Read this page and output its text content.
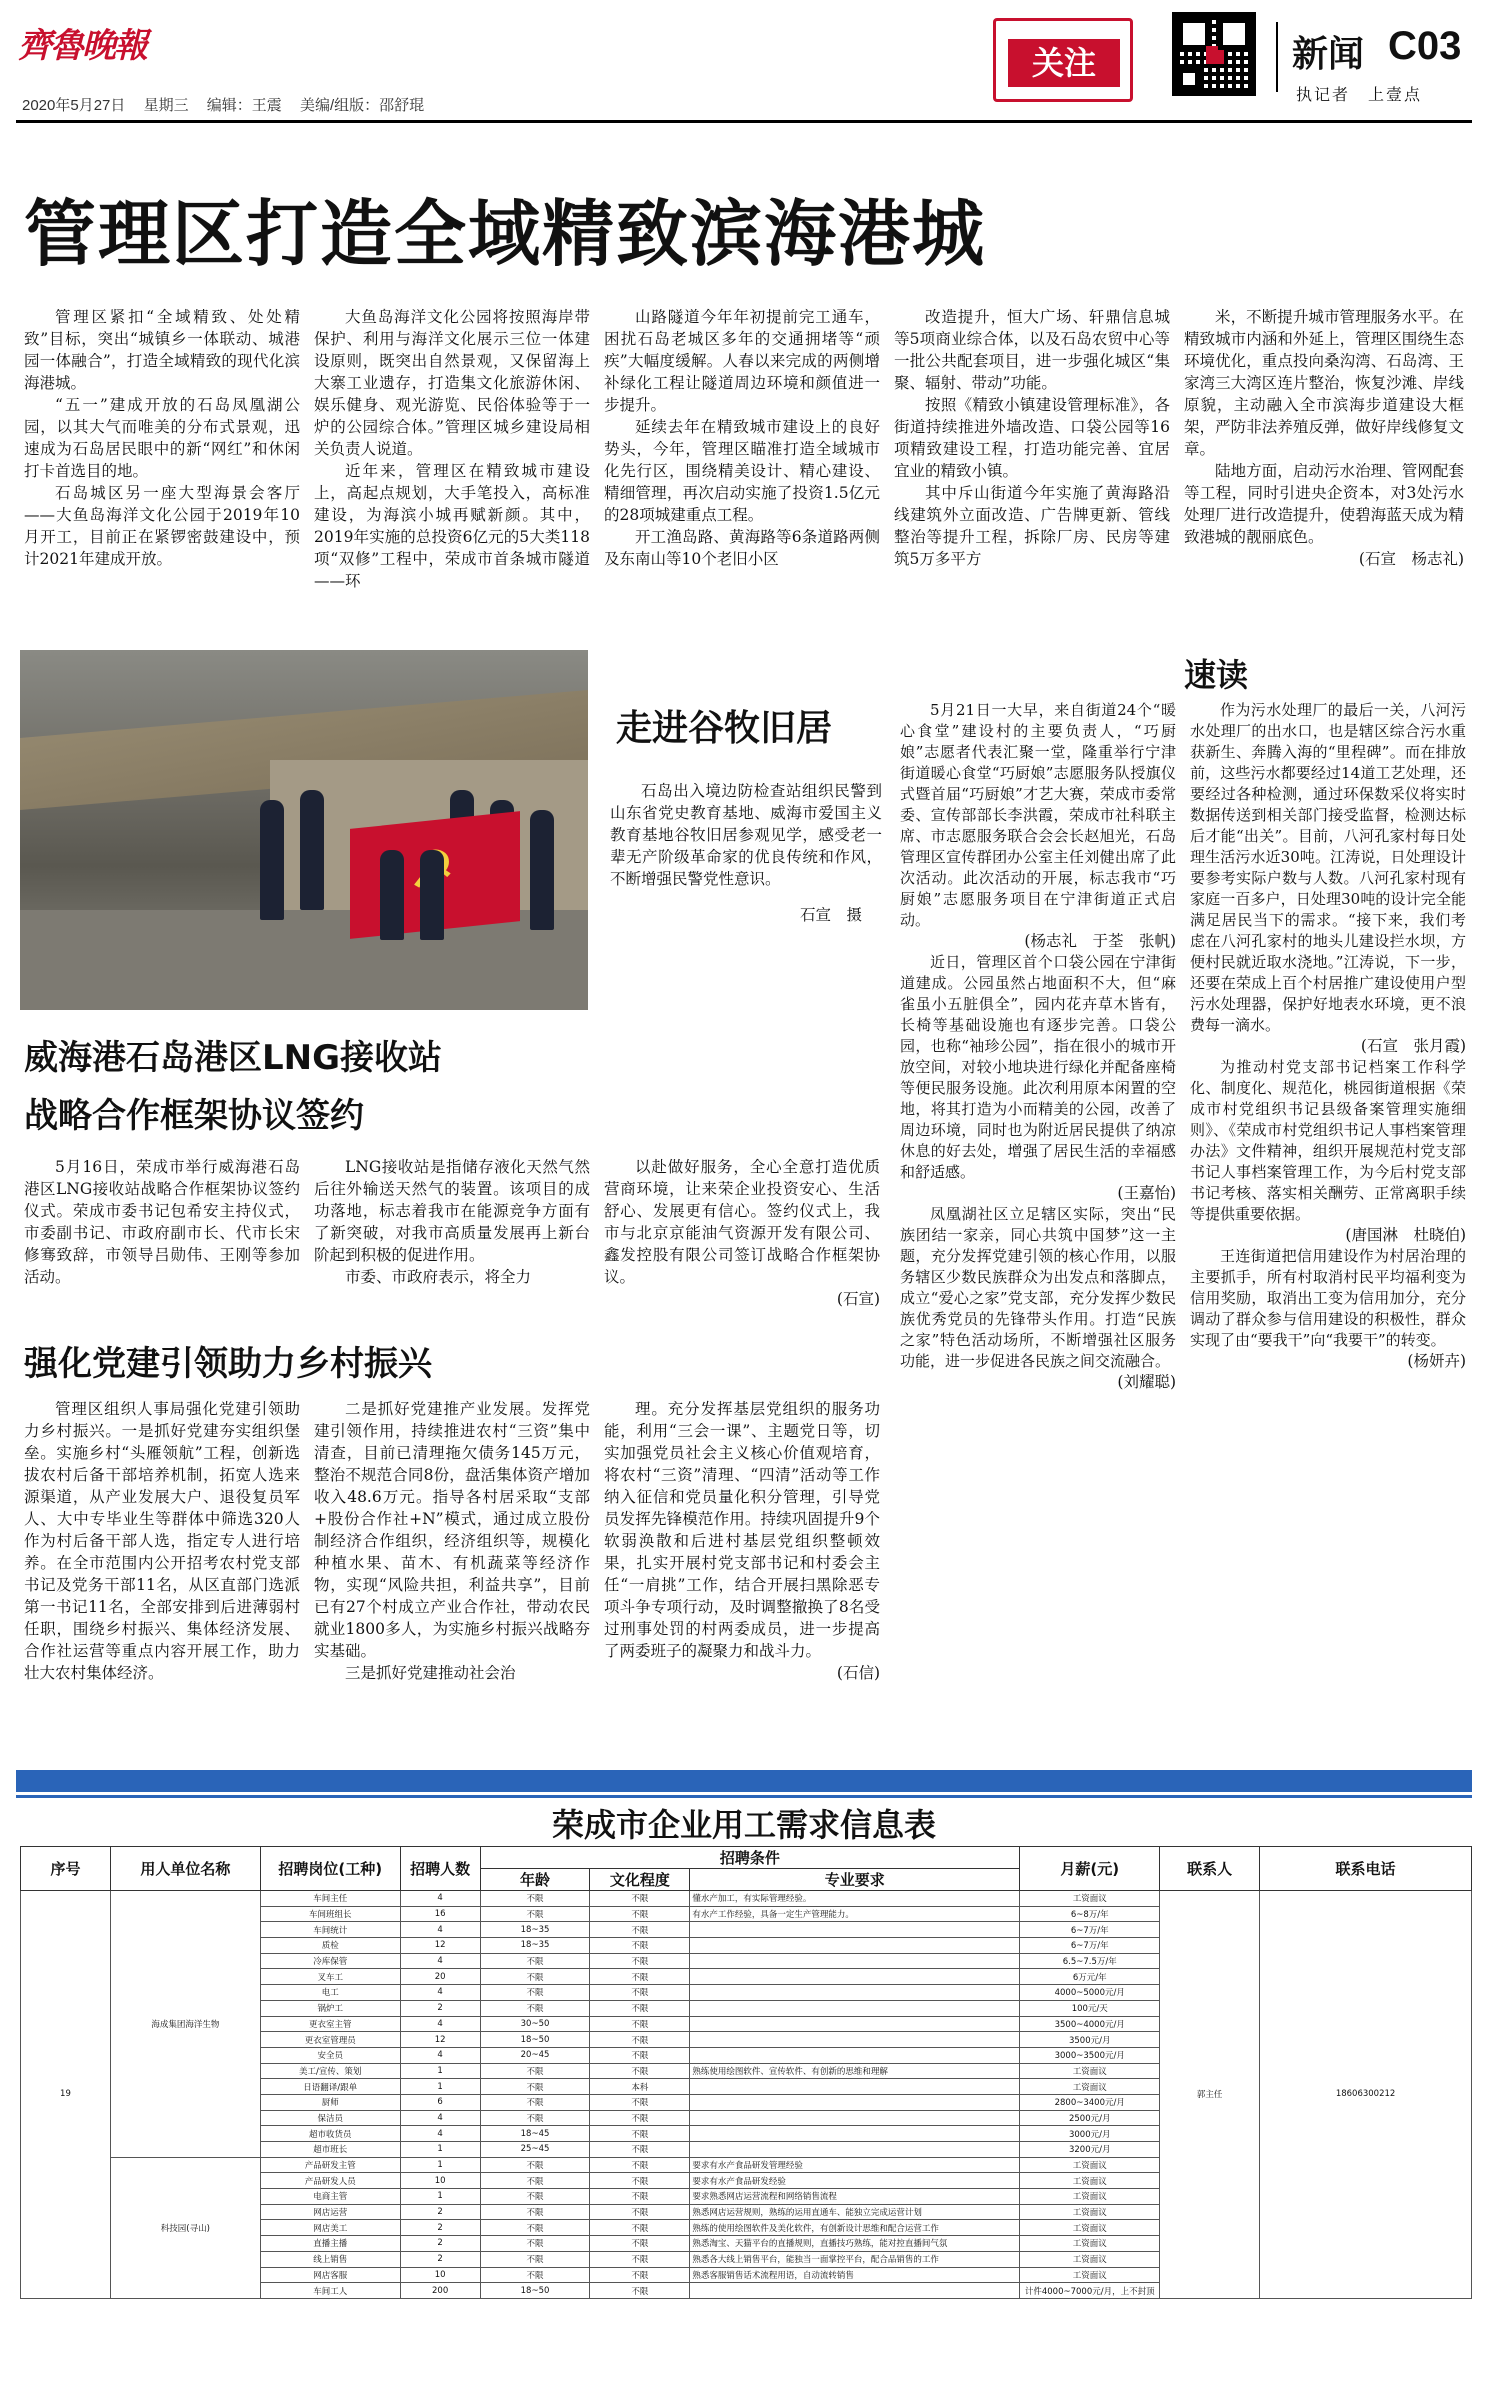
齊魯晚報
2020年5月27日 星期三 编辑：王震 美编/组版：邵舒琨
关注	新闻 C03
执记者　上壹点
管理区打造全域精致滨海港城

管理区紧扣“全域精致、处处精致”目标，突出“城镇乡一体联动、城港园一体融合”，打造全域精致的现代化滨海港城。

“五一”建成开放的石岛凤凰湖公园，以其大气而唯美的分布式景观，迅速成为石岛居民眼中的新“网红”和休闲打卡首选目的地。

石岛城区另一座大型海景会客厅——大鱼岛海洋文化公园于2019年10月开工，目前正在紧锣密鼓建设中，预计2021年建成开放。

大鱼岛海洋文化公园将按照海岸带保护、利用与海洋文化展示三位一体建设原则，既突出自然景观，又保留海上大寨工业遗存，打造集文化旅游休闲、娱乐健身、观光游览、民俗体验等于一炉的公园综合体。”管理区城乡建设局相关负责人说道。

近年来，管理区在精致城市建设上，高起点规划，大手笔投入，高标准建设，为海滨小城再赋新颜。其中，2019年实施的总投资6亿元的5大类118项“双修”工程中，荣成市首条城市隧道——环

山路隧道今年年初提前完工通车，困扰石岛老城区多年的交通拥堵等“顽疾”大幅度缓解。人春以来完成的两侧增补绿化工程让隧道周边环境和颜值进一步提升。

延续去年在精致城市建设上的良好势头，今年，管理区瞄准打造全域城市化先行区，围绕精美设计、精心建设、精细管理，再次启动实施了投资1.5亿元的28项城建重点工程。

开工渔岛路、黄海路等6条道路两侧及东南山等10个老旧小区

改造提升，恒大广场、轩鼎信息城等5项商业综合体，以及石岛农贸中心等一批公共配套项目，进一步强化城区“集聚、辐射、带动”功能。

按照《精致小镇建设管理标准》，各街道持续推进外墙改造、口袋公园等16项精致建设工程，打造功能完善、宜居宜业的精致小镇。

其中斥山街道今年实施了黄海路沿线建筑外立面改造、广告牌更新、管线整治等提升工程，拆除厂房、民房等建筑5万多平方

米，不断提升城市管理服务水平。在精致城市内涵和外延上，管理区围绕生态环境优化，重点投向桑沟湾、石岛湾、王家湾三大湾区连片整治，恢复沙滩、岸线原貌，主动融入全市滨海步道建设大框架，严防非法养殖反弹，做好岸线修复文章。

陆地方面，启动污水治理、管网配套等工程，同时引进央企资本，对3处污水处理厂进行改造提升，使碧海蓝天成为精致港城的靓丽底色。

(石宣　杨志礼)
☭
走进谷牧旧居

石岛出入境边防检查站组织民警到山东省党史教育基地、威海市爱国主义教育基地谷牧旧居参观见学，感受老一辈无产阶级革命家的优良传统和作风，不断增强民警党性意识。

石宣　摄
威海港石岛港区LNG接收站
战略合作框架协议签约

5月16日，荣成市举行威海港石岛港区LNG接收站战略合作框架协议签约仪式。荣成市委书记包希安主持仪式，市委副书记、市政府副市长、代市长宋修骞致辞，市领导吕勋伟、王刚等参加活动。

LNG接收站是指储存液化天然气然后往外输送天然气的装置。该项目的成功落地，标志着我市在能源竞争方面有了新突破，对我市高质量发展再上新台阶起到积极的促进作用。

市委、市政府表示，将全力

以赴做好服务，全心全意打造优质营商环境，让来荣企业投资安心、生活舒心、发展更有信心。签约仪式上，我市与北京京能油气资源开发有限公司、鑫发控股有限公司签订战略合作框架协议。

(石宣)
强化党建引领助力乡村振兴

管理区组织人事局强化党建引领助力乡村振兴。一是抓好党建夯实组织堡垒。实施乡村“头雁领航”工程，创新选拔农村后备干部培养机制，拓宽人选来源渠道，从产业发展大户、退役复员军人、大中专毕业生等群体中筛选320人作为村后备干部人选，指定专人进行培养。在全市范围内公开招考农村党支部书记及党务干部11名，从区直部门选派第一书记11名，全部安排到后进薄弱村任职，围绕乡村振兴、集体经济发展、合作社运营等重点内容开展工作，助力壮大农村集体经济。

二是抓好党建推产业发展。发挥党建引领作用，持续推进农村“三资”集中清查，目前已清理拖欠债务145万元，整治不规范合同8份，盘活集体资产增加收入48.6万元。指导各村居采取“支部+股份合作社+N”模式，通过成立股份制经济合作组织，经济组织等，规模化种植水果、苗木、有机蔬菜等经济作物，实现“风险共担，利益共享”，目前已有27个村成立产业合作社，带动农民就业1800多人，为实施乡村振兴战略夯实基础。

三是抓好党建推动社会治

理。充分发挥基层党组织的服务功能，利用“三会一课”、主题党日等，切实加强党员社会主义核心价值观培育，将农村“三资”清理、“四清”活动等工作纳入征信和党员量化积分管理，引导党员发挥先锋模范作用。持续巩固提升9个软弱涣散和后进村基层党组织整顿效果，扎实开展村党支部书记和村委会主任“一肩挑”工作，结合开展扫黑除恶专项斗争专项行动，及时调整撤换了8名受过刑事处罚的村两委成员，进一步提高了两委班子的凝聚力和战斗力。

(石信)
速读

5月21日一大早，来自街道24个“暖心食堂”建设村的主要负责人，“巧厨娘”志愿者代表汇聚一堂，隆重举行宁津街道暖心食堂“巧厨娘”志愿服务队授旗仪式暨首届“巧厨娘”才艺大赛，荣成市委常委、宣传部部长李洪霞，荣成市社科联主席、市志愿服务联合会会长赵旭光，石岛管理区宣传群团办公室主任刘健出席了此次活动。此次活动的开展，标志我市“巧厨娘”志愿服务项目在宁津街道正式启动。

(杨志礼　于荃　张帆)

近日，管理区首个口袋公园在宁津街道建成。公园虽然占地面积不大，但“麻雀虽小五脏俱全”，园内花卉草木皆有，长椅等基础设施也有逐步完善。口袋公园，也称“袖珍公园”，指在很小的城市开放空间，对较小地块进行绿化并配备座椅等便民服务设施。此次利用原本闲置的空地，将其打造为小而精美的公园，改善了周边环境，同时也为附近居民提供了纳凉休息的好去处，增强了居民生活的幸福感和舒适感。

(王嘉怡)

凤凰湖社区立足辖区实际，突出“民族团结一家亲，同心共筑中国梦”这一主题，充分发挥党建引领的核心作用，以服务辖区少数民族群众为出发点和落脚点，成立“爱心之家”党支部，充分发挥少数民族优秀党员的先锋带头作用。打造“民族之家”特色活动场所，不断增强社区服务功能，进一步促进各民族之间交流融合。

(刘耀聪)

作为污水处理厂的最后一关，八河污水处理厂的出水口，也是辖区综合污水重获新生、奔腾入海的“里程碑”。而在排放前，这些污水都要经过14道工艺处理，还要经过各种检测，通过环保数采仪将实时数据传送到相关部门接受监督，检测达标后才能“出关”。目前，八河孔家村每日处理生活污水近30吨。江涛说，日处理设计要参考实际户数与人数。八河孔家村现有家庭一百多户，日处理30吨的设计完全能满足居民当下的需求。“接下来，我们考虑在八河孔家村的地头儿建设拦水坝，方便村民就近取水浇地。”江涛说，下一步，还要在荣成上百个村居推广建设使用户型污水处理器，保护好地表水环境，更不浪费每一滴水。

(石宣　张月霞)

为推动村党支部书记档案工作科学化、制度化、规范化，桃园街道根据《荣成市村党组织书记县级备案管理实施细则》、《荣成市村党组织书记人事档案管理办法》文件精神，组织开展规范村党支部书记人事档案管理工作，为今后村党支部书记考核、落实相关酬劳、正常离职手续等提供重要依据。

(唐国淋　杜晓伯)

王连街道把信用建设作为村居治理的主要抓手，所有村取消村民平均福利变为信用奖励，取消出工变为信用加分，充分调动了群众参与信用建设的积极性，群众实现了由“要我干”向“我要干”的转变。

(杨妍卉)
荣成市企业用工需求信息表
序号	用人单位名称	招聘岗位(工种)	招聘人数	招聘条件			月薪(元)	联系人	联系电话
				年龄	文化程度	专业要求			
19	海成集团海洋生物	车间主任	4	不限	不限	懂水产加工，有实际管理经验。	工资面议	郭主任	18606300212
		车间班组长	16	不限	不限	有水产工作经验，具备一定生产管理能力。	6~8万/年		
		车间统计	4	18~35	不限		6~7万/年		
		质检	12	18~35	不限		6~7万/年		
		冷库保管	4	不限	不限		6.5~7.5万/年		
		叉车工	20	不限	不限		6万元/年		
		电工	4	不限	不限		4000~5000元/月		
		锅炉工	2	不限	不限		100元/天		
		更衣室主管	4	30~50	不限		3500~4000元/月		
		更衣室管理员	12	18~50	不限		3500元/月		
		安全员	4	20~45	不限		3000~3500元/月		
		美工/宣传、策划	1	不限	不限	熟练使用绘图软件、宣传软件、有创新的思维和理解	工资面议		
		日语翻译/跟单	1	不限	本科		工资面议		
		厨师	6	不限	不限		2800~3400元/月		
		保洁员	4	不限	不限		2500元/月		
		超市收货员	4	18~45	不限		3000元/月		
		超市班长	1	25~45	不限		3200元/月		
	科技园(寻山)	产品研发主管	1	不限	不限	要求有水产食品研发管理经验	工资面议		
		产品研发人员	10	不限	不限	要求有水产食品研发经验	工资面议		
		电商主管	1	不限	不限	要求熟悉网店运营流程和网络销售流程	工资面议		
		网店运营	2	不限	不限	熟悉网店运营规则，熟练的运用直通车、能独立完成运营计划	工资面议		
		网店美工	2	不限	不限	熟练的使用绘图软件及美化软件，有创新设计思维和配合运营工作	工资面议		
		直播主播	2	不限	不限	熟悉淘宝、天猫平台的直播规则，直播技巧熟练，能对控直播间气氛	工资面议		
		线上销售	2	不限	不限	熟悉各大线上销售平台，能独当一面掌控平台，配合品销售的工作	工资面议		
		网店客服	10	不限	不限	熟悉客服销售话术流程用语，自动流转销售	工资面议		
		车间工人	200	18~50	不限		计件4000~7000元/月，上不封顶		
